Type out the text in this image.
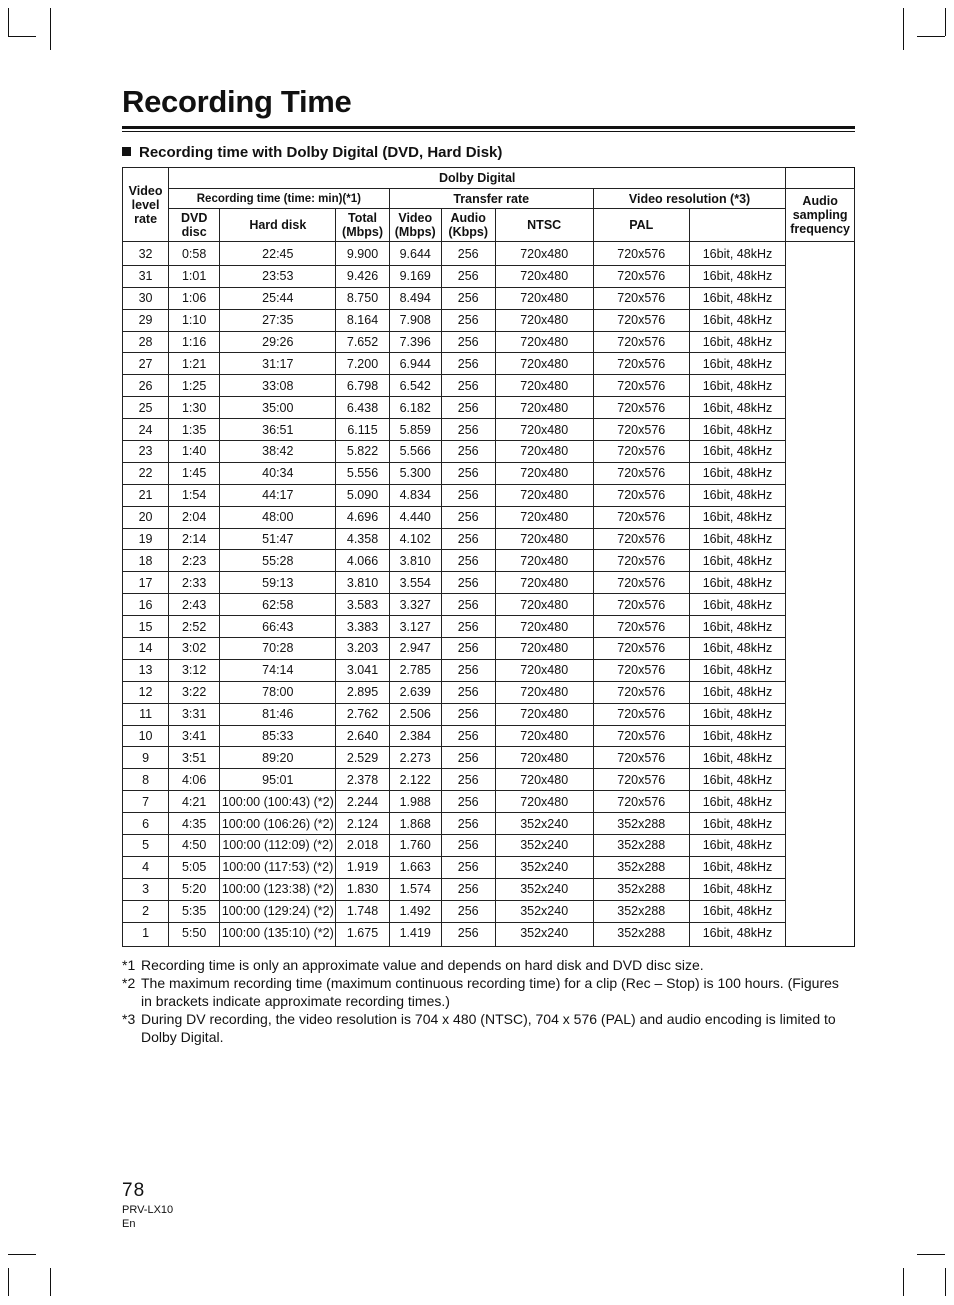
Recording Time
Recording time with Dolby Digital (DVD, Hard Disk)
Video level rate	Dolby Digital								
	Recording time (time: min)(*1)			Transfer rate			Video resolution (*3)		Audio sampling frequency
	DVD disc	Hard disk	Total (Mbps)	Video (Mbps)	Audio (Kbps)	NTSC	PAL		
32	0:58	22:45	9.900	9.644	256	720x480	720x576	16bit, 48kHz	
31	1:01	23:53	9.426	9.169	256	720x480	720x576	16bit, 48kHz	
30	1:06	25:44	8.750	8.494	256	720x480	720x576	16bit, 48kHz	
29	1:10	27:35	8.164	7.908	256	720x480	720x576	16bit, 48kHz	
28	1:16	29:26	7.652	7.396	256	720x480	720x576	16bit, 48kHz	
27	1:21	31:17	7.200	6.944	256	720x480	720x576	16bit, 48kHz	
26	1:25	33:08	6.798	6.542	256	720x480	720x576	16bit, 48kHz	
25	1:30	35:00	6.438	6.182	256	720x480	720x576	16bit, 48kHz	
24	1:35	36:51	6.115	5.859	256	720x480	720x576	16bit, 48kHz	
23	1:40	38:42	5.822	5.566	256	720x480	720x576	16bit, 48kHz	
22	1:45	40:34	5.556	5.300	256	720x480	720x576	16bit, 48kHz	
21	1:54	44:17	5.090	4.834	256	720x480	720x576	16bit, 48kHz	
20	2:04	48:00	4.696	4.440	256	720x480	720x576	16bit, 48kHz	
19	2:14	51:47	4.358	4.102	256	720x480	720x576	16bit, 48kHz	
18	2:23	55:28	4.066	3.810	256	720x480	720x576	16bit, 48kHz	
17	2:33	59:13	3.810	3.554	256	720x480	720x576	16bit, 48kHz	
16	2:43	62:58	3.583	3.327	256	720x480	720x576	16bit, 48kHz	
15	2:52	66:43	3.383	3.127	256	720x480	720x576	16bit, 48kHz	
14	3:02	70:28	3.203	2.947	256	720x480	720x576	16bit, 48kHz	
13	3:12	74:14	3.041	2.785	256	720x480	720x576	16bit, 48kHz	
12	3:22	78:00	2.895	2.639	256	720x480	720x576	16bit, 48kHz	
11	3:31	81:46	2.762	2.506	256	720x480	720x576	16bit, 48kHz	
10	3:41	85:33	2.640	2.384	256	720x480	720x576	16bit, 48kHz	
9	3:51	89:20	2.529	2.273	256	720x480	720x576	16bit, 48kHz	
8	4:06	95:01	2.378	2.122	256	720x480	720x576	16bit, 48kHz	
7	4:21	100:00 (100:43) (*2)	2.244	1.988	256	720x480	720x576	16bit, 48kHz	
6	4:35	100:00 (106:26) (*2)	2.124	1.868	256	352x240	352x288	16bit, 48kHz	
5	4:50	100:00 (112:09) (*2)	2.018	1.760	256	352x240	352x288	16bit, 48kHz	
4	5:05	100:00 (117:53) (*2)	1.919	1.663	256	352x240	352x288	16bit, 48kHz	
3	5:20	100:00 (123:38) (*2)	1.830	1.574	256	352x240	352x288	16bit, 48kHz	
2	5:35	100:00 (129:24) (*2)	1.748	1.492	256	352x240	352x288	16bit, 48kHz	
1	5:50	100:00 (135:10) (*2)	1.675	1.419	256	352x240	352x288	16bit, 48kHz	
*1 Recording time is only an approximate value and depends on hard disk and DVD disc size.
*2 The maximum recording time (maximum continuous recording time) for a clip (Rec – Stop) is 100 hours. (Figures in brackets indicate approximate recording times.)
*3 During DV recording, the video resolution is 704 x 480 (NTSC), 704 x 576 (PAL) and audio encoding is limited to Dolby Digital.
78
PRV-LX10
En
